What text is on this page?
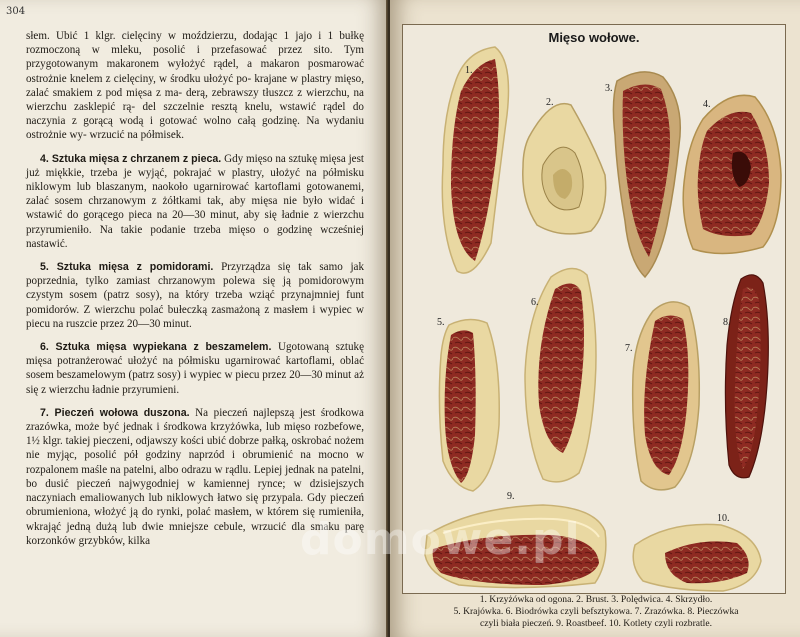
304

słem. Ubić 1 klgr. cielęciny w moździerzu, dodając 1 jajo i 1 bułkę rozmoczoną w mleku, posolić i przefasować przez sito. Tym przygotowanym makaronem wyłożyć rądel, a makaron posmarować ostrożnie knelem z cielęciny, w środku ułożyć po- krajane w plastry mięso, zalać smakiem z pod mięsa z ma- derą, zebrawszy tłuszcz z wierzchu, na wierzchu zasklepić rą- del szczelnie resztą knelu, wstawić rądel do naczynia z gorącą wodą i gotować wolno całą godzinę. Na wydaniu ostrożnie wy- wrzucić na półmisek.

4. Sztuka mięsa z chrzanem z pieca. Gdy mięso na sztukę mięsa jest już miękkie, trzeba je wyjąć, pokrajać w plastry, ułożyć na półmisku niklowym lub blaszanym, naokoło ugarnirować kartoflami gotowanemi, zalać sosem chrzanowym z żółtkami tak, aby mięsa nie było widać i wstawić do gorącego pieca na 20—30 minut, aby się ładnie z wierzchu przyrumieniło. Na takie podanie trzeba mięso o godzinę wcześniej nastawić.

5. Sztuka mięsa z pomidorami. Przyrządza się tak samo jak poprzednia, tylko zamiast chrzanowym polewa się ją pomidorowym czystym sosem (patrz sosy), na który trzeba wziąć przynajmniej funt pomidorów. Z wierzchu polać bułeczką zasmażoną z masłem i wypiec w piecu na ruszcie przez 20—30 minut.

6. Sztuka mięsa wypiekana z beszamelem. Ugotowaną sztukę mięsa potranżerować ułożyć na półmisku ugarnirować kartoflami, oblać sosem beszamelowym (patrz sosy) i wypiec w piecu przez 20—30 minut aż się z wierzchu ładnie przyrumieni.

7. Pieczeń wołowa duszona. Na pieczeń najlepszą jest środkowa zrazówka, może być jednak i środkowa krzyżówka, lub mięso rozbefowe, 1½ klgr. takiej pieczeni, odjawszy kości ubić dobrze pałką, oskrobać nożem nie myjąc, posolić pół godziny naprzód i obrumienić na mocno w rozpalonem maśle na patelni, albo odrazu w rądlu. Lepiej jednak na patelni, bo dusić pieczeń najwygodniej w kamiennej rynce; w dzisiejszych naczyniach emaliowanych lub niklowych łatwo się przypala. Gdy pieczeń obrumieniona, włożyć ją do rynki, polać masłem, w którem się rumieniła, wkrająć jedną dużą lub dwie mniejsze cebule, wrzucić dla smaku parę korzonków grzybków, kilka

Mięso wołowe.
1.
2.
3.
4.
5.
6.
7.
8.
9.
10.
1. Krzyżówka od ogona. 2. Brust. 3. Polędwica. 4. Skrzydło.
5. Krajówka. 6. Biodrówka czyli befsztykowa. 7. Zrazówka. 8. Pieczówka
czyli biała pieczeń. 9. Roastbeef. 10. Kotlety czyli rozbratle.
domowe.pl
